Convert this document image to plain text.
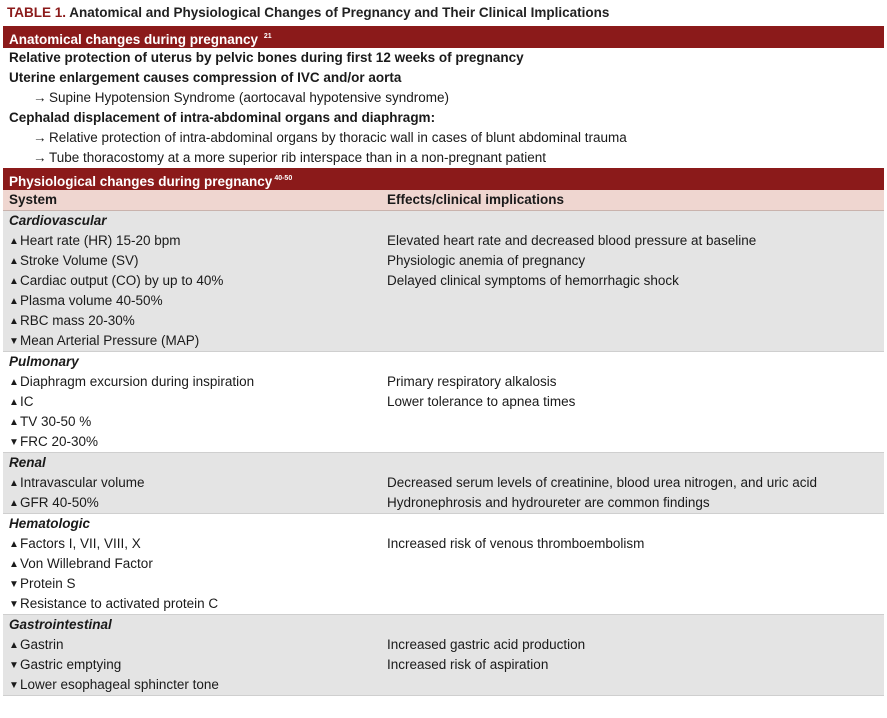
TABLE 1. Anatomical and Physiological Changes of Pregnancy and Their Clinical Implications
Anatomical changes during pregnancy $^{21}$
Relative protection of uterus by pelvic bones during first 12 weeks of pregnancy
Uterine enlargement causes compression of IVC and/or aorta
→ Supine Hypotension Syndrome (aortocaval hypotensive syndrome)
Cephalad displacement of intra-abdominal organs and diaphragm:
→ Relative protection of intra-abdominal organs by thoracic wall in cases of blunt abdominal trauma
→ Tube thoracostomy at a more superior rib interspace than in a non-pregnant patient
Physiological changes during pregnancy $^{40-50}$
System	Effects/clinical implications
Cardiovascular
▲Heart rate (HR) 15-20 bpm
▲Stroke Volume (SV)
▲Cardiac output (CO) by up to 40%
▲Plasma volume 40-50%
▲RBC mass 20-30%
▼Mean Arterial Pressure (MAP)
Elevated heart rate and decreased blood pressure at baseline
Physiologic anemia of pregnancy
Delayed clinical symptoms of hemorrhagic shock
Pulmonary
▲Diaphragm excursion during inspiration
▲IC
▲TV 30-50 %
▼FRC 20-30%
Primary respiratory alkalosis
Lower tolerance to apnea times
Renal
▲Intravascular volume
▲GFR 40-50%
Decreased serum levels of creatinine, blood urea nitrogen, and uric acid
Hydronephrosis and hydroureter are common findings
Hematologic
▲Factors I, VII, VIII, X
▲Von Willebrand Factor
▼Protein S
▼Resistance to activated protein C
Increased risk of venous thromboembolism
Gastrointestinal
▲Gastrin
▼Gastric emptying
▼Lower esophageal sphincter tone
Increased gastric acid production
Increased risk of aspiration
